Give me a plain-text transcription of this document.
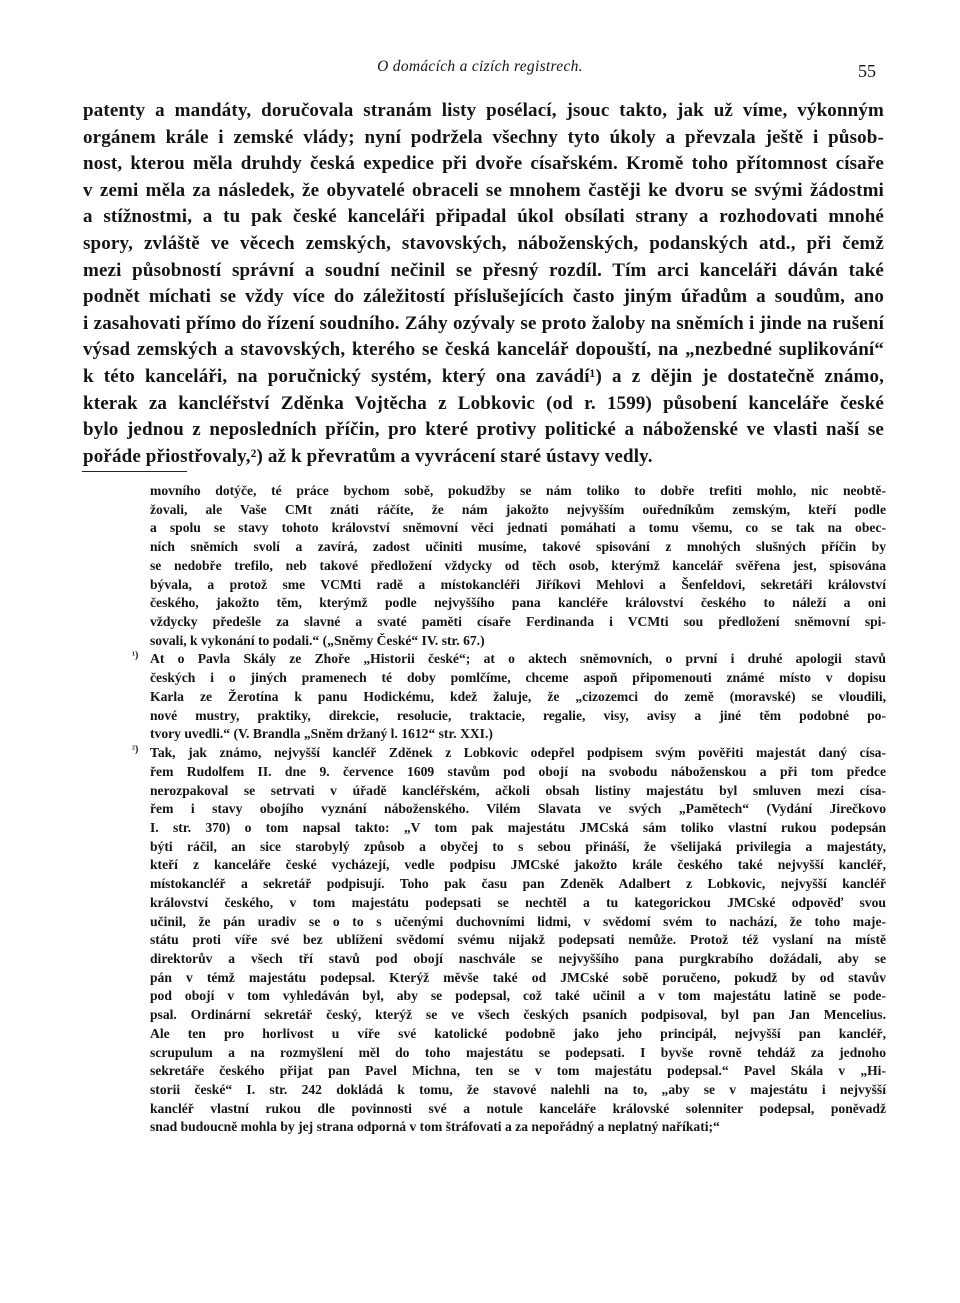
O domácích a cizích registrech.	55
patenty a mandáty, doručovala stranám listy posélací, jsouc takto, jak už víme, výkonným
orgánem krále i zemské vlády; nyní podržela všechny tyto úkoly a převzala ještě i působ-
nost, kterou měla druhdy česká expedice při dvoře císařském. Kromě toho přítomnost císaře
v zemi měla za následek, že obyvatelé obraceli se mnohem častěji ke dvoru se svými žádostmi
a stížnostmi, a tu pak české kanceláři připadal úkol obsílati strany a rozhodovati mnohé
spory, zvláště ve věcech zemských, stavovských, náboženských, podanských atd., při čemž
mezi působností správní a soudní nečinil se přesný rozdíl. Tím arci kanceláři dáván také
podnět míchati se vždy více do záležitostí příslušejících často jiným úřadům a soudům, ano
i zasahovati přímo do řízení soudního. Záhy ozývaly se proto žaloby na sněmích i jinde na rušení
výsad zemských a stavovských, kterého se česká kancelář dopouští, na „nezbedné suplikování“
k této kanceláři, na poručnický systém, který ona zavádí¹) a z dějin je dostatečně známo,
kterak za kancléřství Zděnka Vojtěcha z Lobkovic (od r. 1599) působení kanceláře české
bylo jednou z neposledních příčin, pro které protivy politické a náboženské ve vlasti naší se
pořáde přiostřovaly,²) až k převratům a vyvrácení staré ústavy vedly.
movního dotýče, té práce bychom sobě, pokudžby se nám toliko to dobře trefiti mohlo, nic neobtě-
žovali, ale Vaše CMt znáti ráčíte, že nám jakožto nejvyšším ouředníkům zemským, kteří podle
a spolu se stavy tohoto království sněmovní věci jednati pomáhati a tomu všemu, co se tak na obec-
ních sněmích svolí a zavírá, zadost učiniti musíme, takové spisování z mnohých slušných příčin by
se nedobře trefilo, neb takové předložení vždycky od těch osob, kterýmž kancelář svěřena jest, spisována
bývala, a protož sme VCMti radě a místokancléři Jiříkovi Mehlovi a Šenfeldovi, sekretáři království
českého, jakožto těm, kterýmž podle nejvyššího pana kancléře království českého to náleží a oni
vždycky předešle za slavné a svaté paměti císaře Ferdinanda i VCMti sou předložení sněmovní spi-
sovali, k vykonání to podali.“ („Sněmy České“ IV. str. 67.)
¹) At o Pavla Skály ze Zhoře „Historii české“; at o aktech sněmovních, o první i druhé apologii stavů
českých i o jiných pramenech té doby pomlčíme, chceme aspoň připomenouti známé místo v dopisu
Karla ze Žerotína k panu Hodickému, kdež žaluje, že „cizozemci do země (moravské) se vloudili,
nové mustry, praktiky, direkcie, resolucie, traktacie, regalie, visy, avisy a jiné těm podobné po-
tvory uvedli.“ (V. Brandla „Sněm držaný l. 1612“ str. XXI.)
²) Tak, jak známo, nejvyšší kancléř Zděnek z Lobkovic odepřel podpisem svým pověřiti majestát daný císa-
řem Rudolfem II. dne 9. července 1609 stavům pod obojí na svobodu náboženskou a při tom předce
nerozpakoval se setrvati v úřadě kancléřském, ačkoli obsah listiny majestátu byl smluven mezi císa-
řem i stavy obojího vyznání náboženského. Vilém Slavata ve svých „Pamětech“ (Vydání Jirečkovo
I. str. 370) o tom napsal takto: „V tom pak majestátu JMCská sám toliko vlastní rukou podepsán
býti ráčil, an sice starobylý způsob a obyčej to s sebou přináší, že všelijaká privilegia a majestáty,
kteří z kanceláře české vycházejí, vedle podpisu JMCské jakožto krále českého také nejvyšší kancléř,
místokancléř a sekretář podpisují. Toho pak času pan Zdeněk Adalbert z Lobkovic, nejvyšší kancléř
království českého, v tom majestátu podepsati se nechtěl a tu kategorickou JMCské odpověď svou
učinil, že pán uradiv se o to s učenými duchovními lidmi, v svědomí svém to nachází, že toho maje-
státu proti víře své bez ublížení svědomí svému nijakž podepsati nemůže. Protož též vyslaní na místě
direktorův a všech tří stavů pod obojí naschvále se nejvyššího pana purgkrabího dožádali, aby se
pán v témž majestátu podepsal. Kterýž měvše také od JMCské sobě poručeno, pokudž by od stavův
pod obojí v tom vyhledáván byl, aby se podepsal, což také učinil a v tom majestátu latině se podе-
psal. Ordinární sekretář český, kterýž se ve všech českých psaních podpisoval, byl pan Jan Mencelius.
Ale ten pro horlivost u víře své katolické podobně jako jeho principál, nejvyšší pan kancléř,
scrupulum a na rozmyšlení měl do toho majestátu se podepsati. I byvše rovně tehdáž za jednoho
sekretáře českého přijat pan Pavel Michna, ten se v tom majestátu podepsal.“ Pavel Skála v „Hi-
storii české“ I. str. 242 dokládá k tomu, že stavové nalehli na to, „aby se v majestátu i nejvyšší
kancléř vlastní rukou dle povinnosti své a notule kanceláře královské solenniter podepsal, poněvadž
snad budoucně mohla by jej strana odporná v tom štráfovati a za nepořádný a neplatný naříkati;“
